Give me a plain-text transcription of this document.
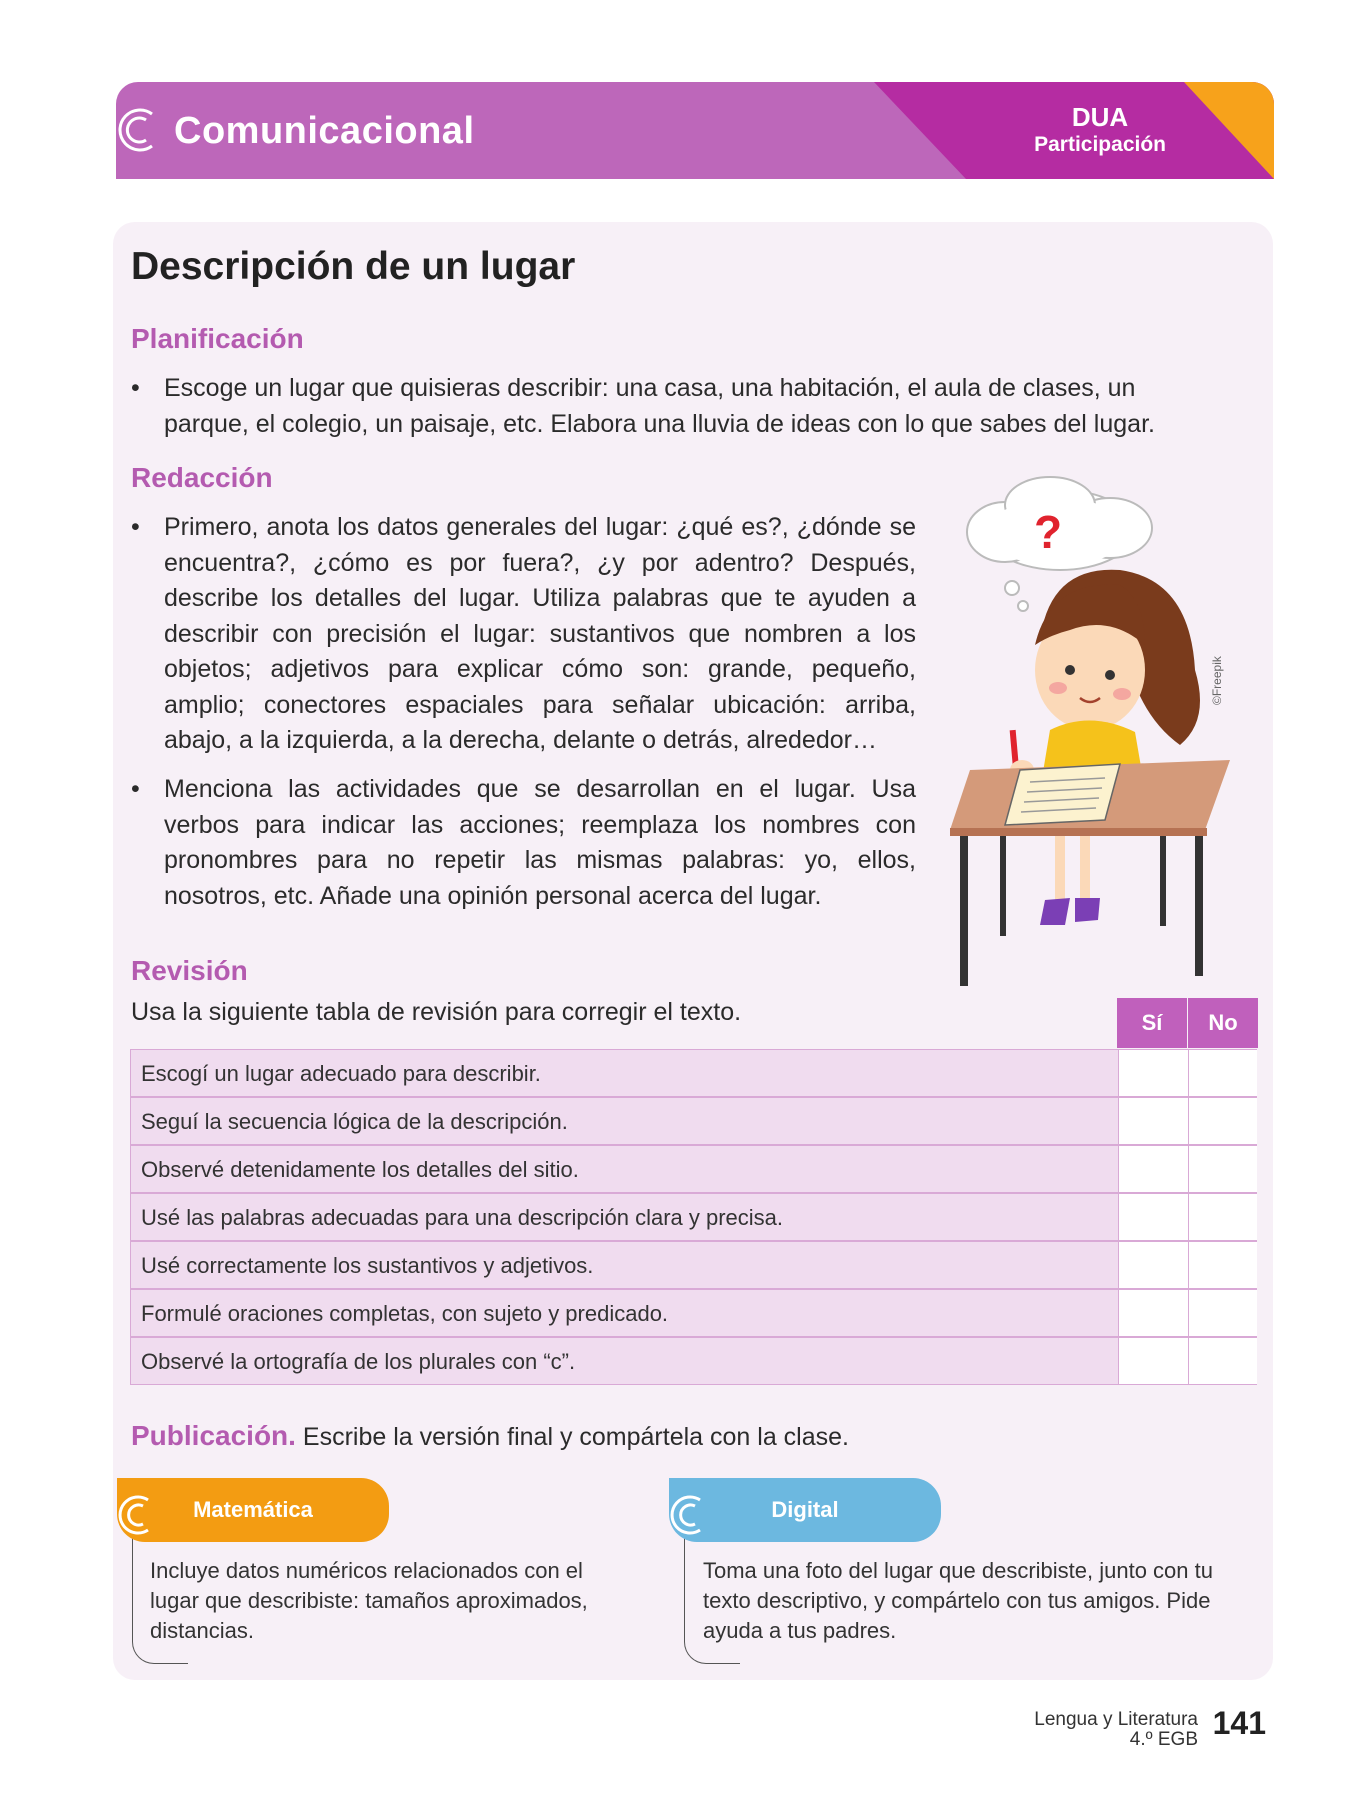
Comunicacional	DUA
Participación
Descripción de un lugar
Planificación
• Escoge un lugar que quisieras describir: una casa, una habitación, el aula de clases, un parque, el colegio, un paisaje, etc. Elabora una lluvia de ideas con lo que sabes del lugar.
Redacción
• Primero, anota los datos generales del lugar: ¿qué es?, ¿dónde se encuentra?, ¿cómo es por fuera?, ¿y por adentro? Después, describe los detalles del lugar. Utiliza palabras que te ayuden a describir con precisión el lugar: sustantivos que nombren a los objetos; adjetivos para explicar cómo son: grande, pequeño, amplio; conectores espaciales para señalar ubicación: arriba, abajo, a la izquierda, a la derecha, delante o detrás, alrededor…
• Menciona las actividades que se desarrollan en el lugar. Usa verbos para indicar las acciones; reemplaza los nombres con pronombres para no repetir las mismas palabras: yo, ellos, nosotros, etc. Añade una opinión personal acerca del lugar.
?
©Freepik
Revisión
Usa la siguiente tabla de revisión para corregir el texto.	Sí	No
Escogí un lugar adecuado para describir.
Seguí la secuencia lógica de la descripción.
Observé detenidamente los detalles del sitio.
Usé las palabras adecuadas para una descripción clara y precisa.
Usé correctamente los sustantivos y adjetivos.
Formulé oraciones completas, con sujeto y predicado.
Observé la ortografía de los plurales con “c”.
Publicación. Escribe la versión final y compártela con la clase.
Matemática
Incluye datos numéricos relacionados con el lugar que describiste: tamaños aproximados, distancias.
Digital
Toma una foto del lugar que describiste, junto con tu texto descriptivo, y compártelo con tus amigos. Pide ayuda a tus padres.
Lengua y Literatura
4.º EGB 141
